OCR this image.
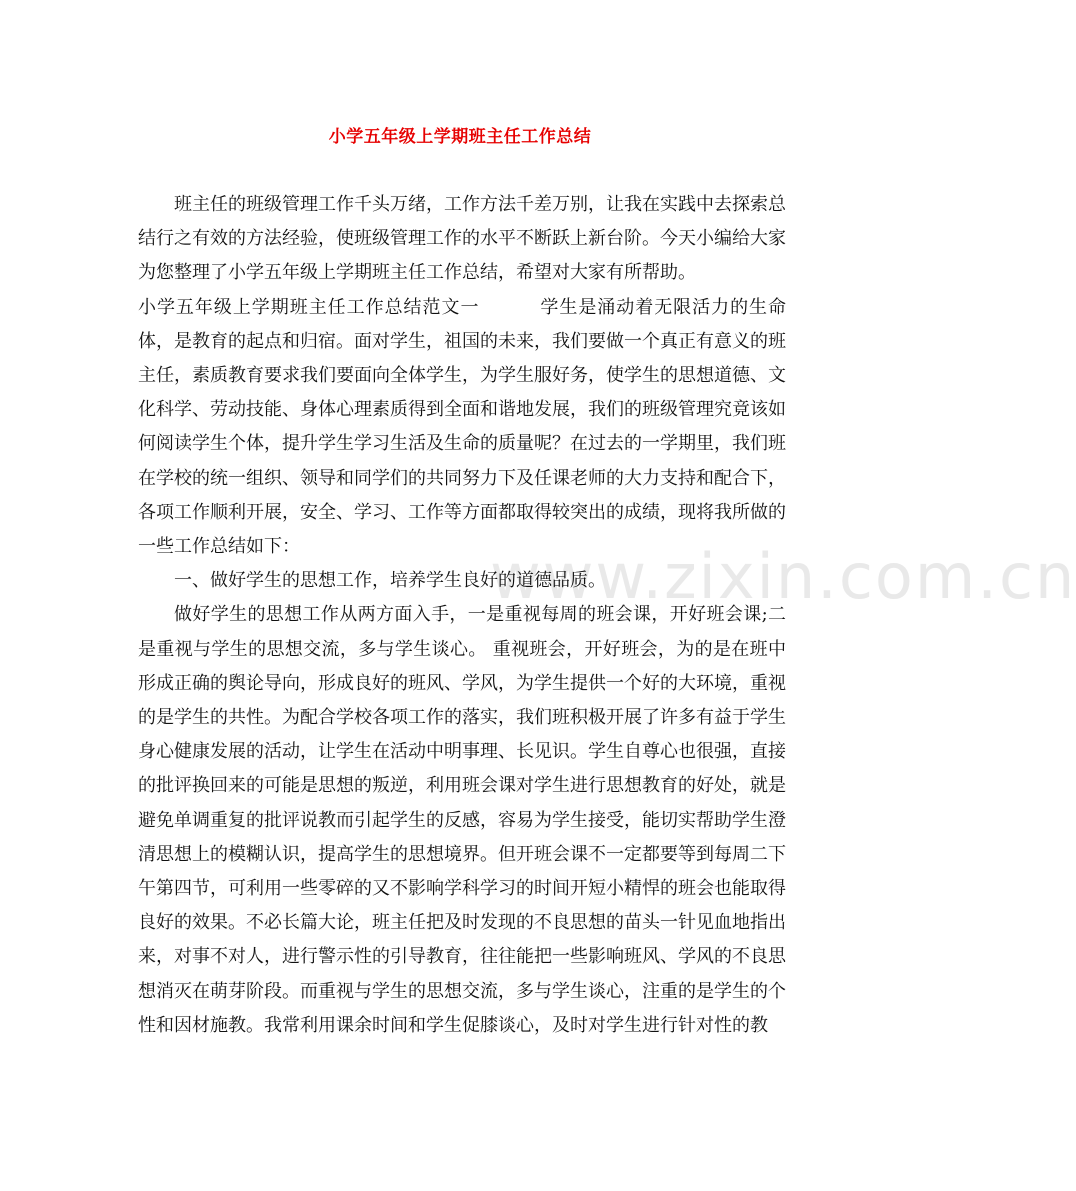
www.zixin.com.cn
小学五年级上学期班主任工作总结

班主任的班级管理工作千头万绪，工作方法千差万别，让我在实践中去探索总结行之有效的方法经验，使班级管理工作的水平不断跃上新台阶。今天小编给大家为您整理了小学五年级上学期班主任工作总结，希望对大家有所帮助。

小学五年级上学期班主任工作总结范文一	学生是涌动着无限活力的生命体，是教育的起点和归宿。面对学生，祖国的未来，我们要做一个真正有意义的班主任，素质教育要求我们要面向全体学生，为学生服好务，使学生的思想道德、文化科学、劳动技能、身体心理素质得到全面和谐地发展，我们的班级管理究竟该如何阅读学生个体，提升学生学习生活及生命的质量呢？在过去的一学期里，我们班在学校的统一组织、领导和同学们的共同努力下及任课老师的大力支持和配合下，各项工作顺利开展，安全、学习、工作等方面都取得较突出的成绩，现将我所做的一些工作总结如下：

一、做好学生的思想工作，培养学生良好的道德品质。

做好学生的思想工作从两方面入手，一是重视每周的班会课，开好班会课;二是重视与学生的思想交流，多与学生谈心。 重视班会，开好班会，为的是在班中形成正确的舆论导向，形成良好的班风、学风，为学生提供一个好的大环境，重视的是学生的共性。为配合学校各项工作的落实，我们班积极开展了许多有益于学生身心健康发展的活动，让学生在活动中明事理、长见识。学生自尊心也很强，直接的批评换回来的可能是思想的叛逆，利用班会课对学生进行思想教育的好处，就是避免单调重复的批评说教而引起学生的反感，容易为学生接受，能切实帮助学生澄清思想上的模糊认识，提高学生的思想境界。但开班会课不一定都要等到每周二下午第四节，可利用一些零碎的又不影响学科学习的时间开短小精悍的班会也能取得良好的效果。不必长篇大论，班主任把及时发现的不良思想的苗头一针见血地指出来，对事不对人，进行警示性的引导教育，往往能把一些影响班风、学风的不良思想消灭在萌芽阶段。而重视与学生的思想交流，多与学生谈心，注重的是学生的个性和因材施教。我常利用课余时间和学生促膝谈心，及时对学生进行针对性的教
